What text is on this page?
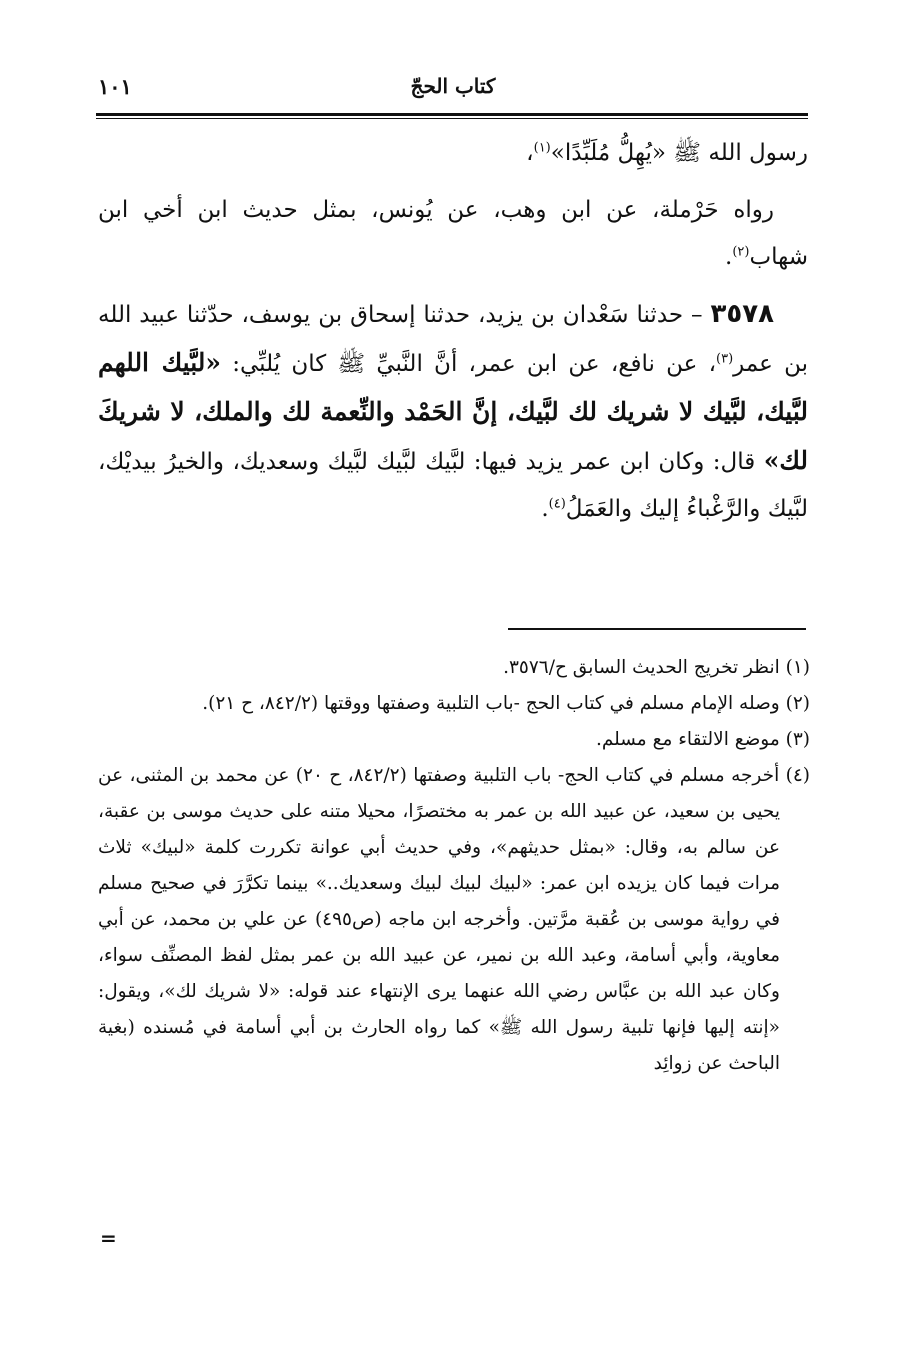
كتاب الحجّ
١٠١

رسول الله ﷺ «يُهِلُّ مُلَبِّدًا»$^{(١)}$،

رواه حَرْملة، عن ابن وهب، عن يُونس، بمثل حديث ابن أخي ابن شهاب$^{(٢)}$.

٣٥٧٨ – حدثنا سَعْدان بن يزيد، حدثنا إسحاق بن يوسف، حدّثنا عبيد الله بن عمر$^{(٣)}$، عن نافع، عن ابن عمر، أنَّ النَّبيِّ ﷺ كان يُلبِّي: «لبَّيك اللهم لبَّيك، لبَّيك لا شريك لك لبَّيك، إنَّ الحَمْد والنِّعمة لك والملك، لا شريكَ لك» قال: وكان ابن عمر يزيد فيها: لبَّيك لبَّيك لبَّيك وسعديك، والخيرُ بيديْك، لبَّيك والرَّغْباءُ إليك والعَمَلُ$^{(٤)}$.

(١) انظر تخريج الحديث السابق ح/٣٥٧٦.

(٢) وصله الإمام مسلم في كتاب الحج -باب التلبية وصفتها ووقتها (٨٤٢/٢، ح ٢١).

(٣) موضع الالتقاء مع مسلم.

(٤) أخرجه مسلم في كتاب الحج- باب التلبية وصفتها (٨٤٢/٢، ح ٢٠) عن محمد بن المثنى، عن يحيى بن سعيد، عن عبيد الله بن عمر به مختصرًا، محيلا متنه على حديث موسى بن عقبة، عن سالم به، وقال: «بمثل حديثهم»، وفي حديث أبي عوانة تكررت كلمة «لبيك» ثلاث مرات فيما كان يزيده ابن عمر: «لبيك لبيك لبيك وسعديك..» بينما تكرَّرَ في صحيح مسلم في رواية موسى بن عُقبة مرَّتين. وأخرجه ابن ماجه (ص٤٩٥) عن علي بن محمد، عن أبي معاوية، وأبي أسامة، وعبد الله بن نمير، عن عبيد الله بن عمر بمثل لفظ المصنِّف سواء، وكان عبد الله بن عبَّاس رضي الله عنهما يرى الإنتهاء عند قوله: «لا شريك لك»، ويقول: «إنته إليها فإنها تلبية رسول الله ﷺ» كما رواه الحارث بن أبي أسامة في مُسنده (بغية الباحث عن زوائِد

=
